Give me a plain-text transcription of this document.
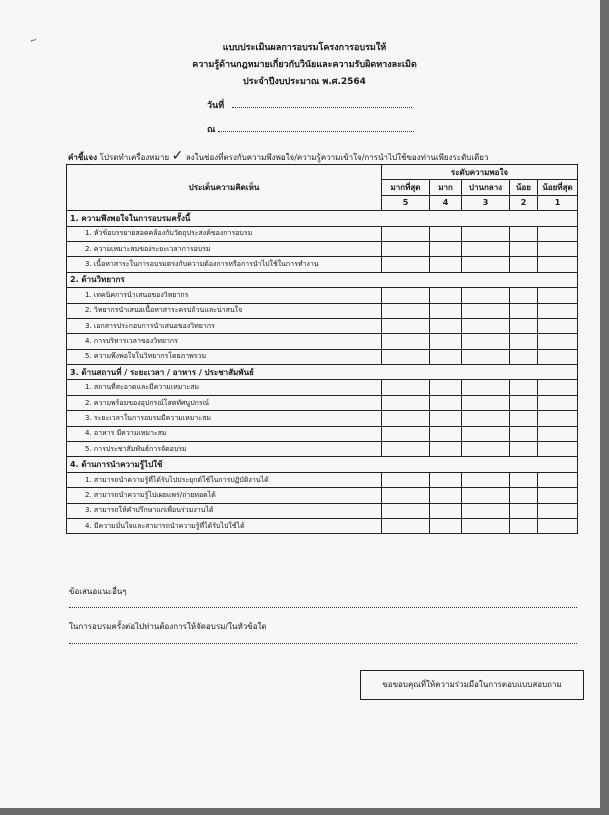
~
แบบประเมินผลการอบรมโครงการอบรมให้
ความรู้ด้านกฎหมายเกี่ยวกับวินัยและความรับผิดทางละเมิด
ประจำปีงบประมาณ พ.ศ.2564
วันที่
ณ
คำชี้แจง โปรดทำเครื่องหมาย ✓ ลงในช่องที่ตรงกับความพึงพอใจ/ความรู้ความเข้าใจ/การนำไปใช้ของท่านเพียงระดับเดียว
ประเด็นความคิดเห็น	ระดับความพอใจ				
	มากที่สุด	มาก	ปานกลาง	น้อย	น้อยที่สุด
	5	4	3	2	1
1. ความพึงพอใจในการอบรมครั้งนี้					
1. หัวข้อบรรยายสอดคล้องกับวัตถุประสงค์ของการอบรม					
2. ความเหมาะสมของระยะเวลาการอบรม					
3. เนื้อหาสาระในการอบรมตรงกับความต้องการหรือการนำไปใช้ในการทำงาน					
2. ด้านวิทยากร					
1. เทคนิคการนำเสนอของวิทยากร					
2. วิทยากรนำเสนอเนื้อหาสาระครบถ้วนและน่าสนใจ					
3. เอกสารประกอบการนำเสนอของวิทยากร					
4. การบริหารเวลาของวิทยากร					
5. ความพึงพอใจในวิทยากรโดยภาพรวม					
3. ด้านสถานที่ / ระยะเวลา / อาหาร / ประชาสัมพันธ์					
1. สถานที่สะอาดและมีความเหมาะสม					
2. ความพร้อมของอุปกรณ์โสตทัศนูปกรณ์					
3. ระยะเวลาในการอบรมมีความเหมาะสม					
4. อาหาร มีความเหมาะสม					
5. การประชาสัมพันธ์การจัดอบรม					
4. ด้านการนำความรู้ไปใช้					
1. สามารถนำความรู้ที่ได้รับไปประยุกต์ใช้ในการปฏิบัติงานได้					
2. สามารถนำความรู้ไปเผยแพร่/ถ่ายทอดได้					
3. สามารถให้คำปรึกษาแก่เพื่อนร่วมงานได้					
4. มีความมั่นใจและสามารถนำความรู้ที่ได้รับไปใช้ได้					
ข้อเสนอแนะอื่นๆ
ในการอบรมครั้งต่อไปท่านต้องการให้จัดอบรม/ในหัวข้อใด
ขอขอบคุณที่ให้ความร่วมมือในการตอบแบบสอบถาม
